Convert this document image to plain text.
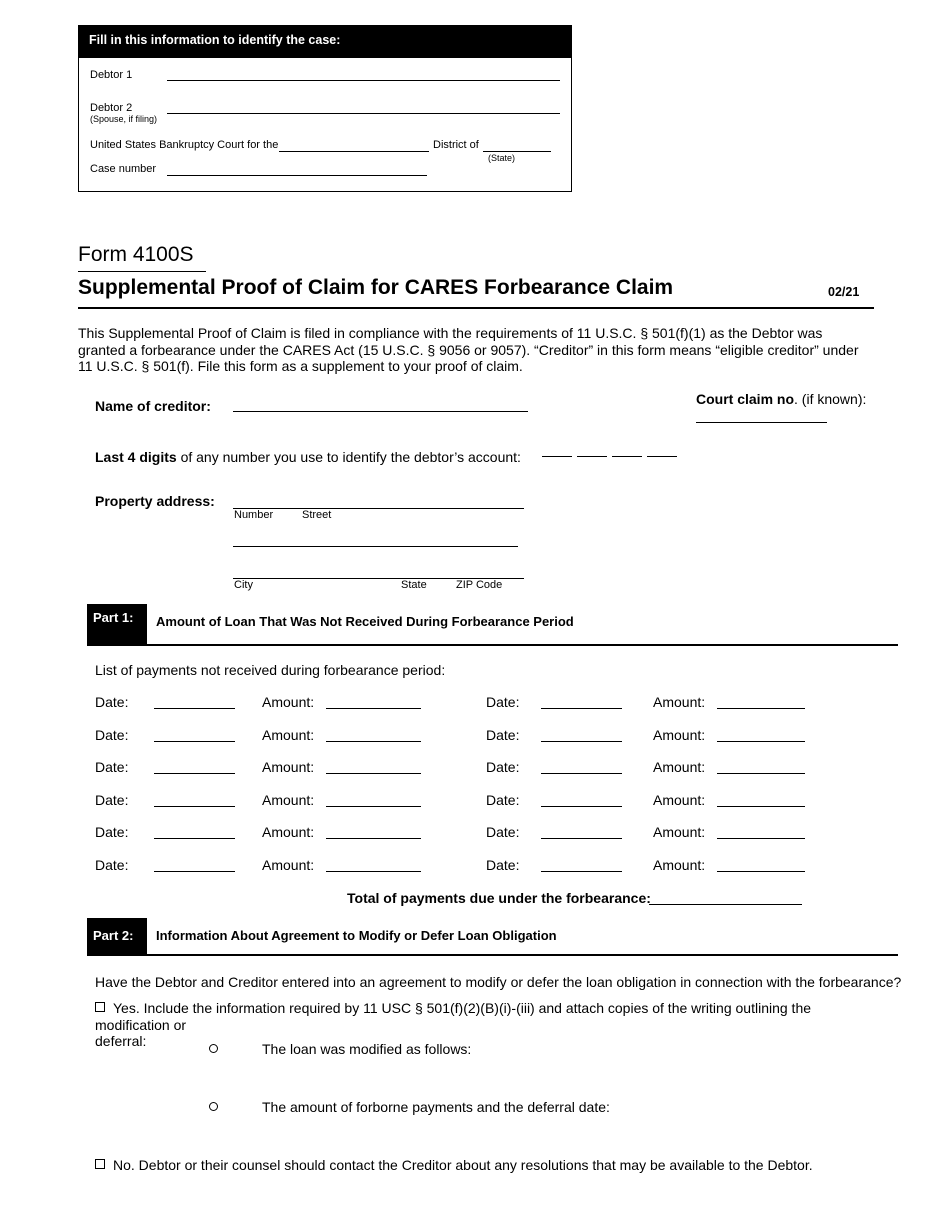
Fill in this information to identify the case:
Debtor 1
Debtor 2
(Spouse, if filing)
United States Bankruptcy Court for the	District of
(State)
Case number
Form 4100S
Supplemental Proof of Claim for CARES Forbearance Claim	02/21
This Supplemental Proof of Claim is filed in compliance with the requirements of 11 U.S.C. § 501(f)(1) as the Debtor was
granted a forbearance under the CARES Act (15 U.S.C. § 9056 or 9057). “Creditor” in this form means “eligible creditor” under
11 U.S.C. § 501(f). File this form as a supplement to your proof of claim.
Name of creditor:	Court claim no. (if known):
Last 4 digits of any number you use to identify the debtor’s account:
Property address:
Number	Street
City	State	ZIP Code
Part 1:	Amount of Loan That Was Not Received During Forbearance Period
List of payments not received during forbearance period:
Date:	Amount:	Date:	Amount:
Date:	Amount:	Date:	Amount:
Date:	Amount:	Date:	Amount:
Date:	Amount:	Date:	Amount:
Date:	Amount:	Date:	Amount:
Date:	Amount:	Date:	Amount:
Total of payments due under the forbearance:
Part 2:	Information About Agreement to Modify or Defer Loan Obligation
Have the Debtor and Creditor entered into an agreement to modify or defer the loan obligation in connection with the forbearance?
Yes. Include the information required by 11 USC § 501(f)(2)(B)(i)-(iii) and attach copies of the writing outlining the modification or
deferral:	The loan was modified as follows:
The amount of forborne payments and the deferral date:
No. Debtor or their counsel should contact the Creditor about any resolutions that may be available to the Debtor.
